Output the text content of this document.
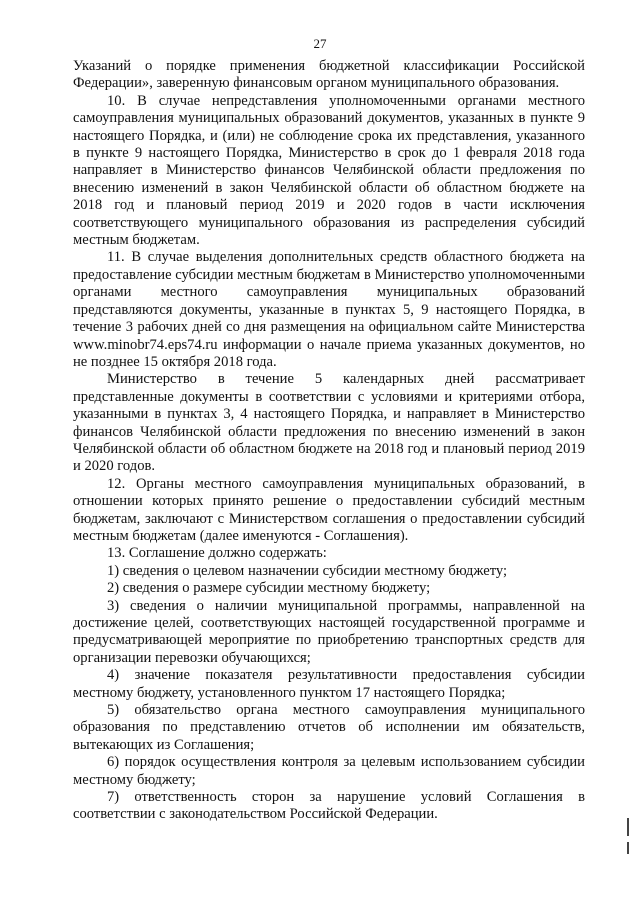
27

Указаний о порядке применения бюджетной классификации Российской Федерации», заверенную финансовым органом муниципального образования.

10. В случае непредставления уполномоченными органами местного самоуправления муниципальных образований документов, указанных в пункте 9 настоящего Порядка, и (или) не соблюдение срока их представления, указанного в пункте 9 настоящего Порядка, Министерство в срок до 1 февраля 2018 года направляет в Министерство финансов Челябинской области предложения по внесению изменений в закон Челябинской области об областном бюджете на 2018 год и плановый период 2019 и 2020 годов в части исключения соответствующего муниципального образования из распределения субсидий местным бюджетам.

11. В случае выделения дополнительных средств областного бюджета на предоставление субсидии местным бюджетам в Министерство уполномоченными органами местного самоуправления муниципальных образований представляются документы, указанные в пунктах 5, 9 настоящего Порядка, в течение 3 рабочих дней со дня размещения на официальном сайте Министерства www.minobr74.eps74.ru информации о начале приема указанных документов, но не позднее 15 октября 2018 года.

Министерство в течение 5 календарных дней рассматривает представленные документы в соответствии с условиями и критериями отбора, указанными в пунктах 3, 4 настоящего Порядка, и направляет в Министерство финансов Челябинской области предложения по внесению изменений в закон Челябинской области об областном бюджете на 2018 год и плановый период 2019 и 2020 годов.

12. Органы местного самоуправления муниципальных образований, в отношении которых принято решение о предоставлении субсидий местным бюджетам, заключают с Министерством соглашения о предоставлении субсидий местным бюджетам (далее именуются - Соглашения).

13. Соглашение должно содержать:

1) сведения о целевом назначении субсидии местному бюджету;

2) сведения о размере субсидии местному бюджету;

3) сведения о наличии муниципальной программы, направленной на достижение целей, соответствующих настоящей государственной программе и предусматривающей мероприятие по приобретению транспортных средств для организации перевозки обучающихся;

4) значение показателя результативности предоставления субсидии местному бюджету, установленного пунктом 17 настоящего Порядка;

5) обязательство органа местного самоуправления муниципального образования по представлению отчетов об исполнении им обязательств, вытекающих из Соглашения;

6) порядок осуществления контроля за целевым использованием субсидии местному бюджету;

7) ответственность сторон за нарушение условий Соглашения в соответствии с законодательством Российской Федерации.
